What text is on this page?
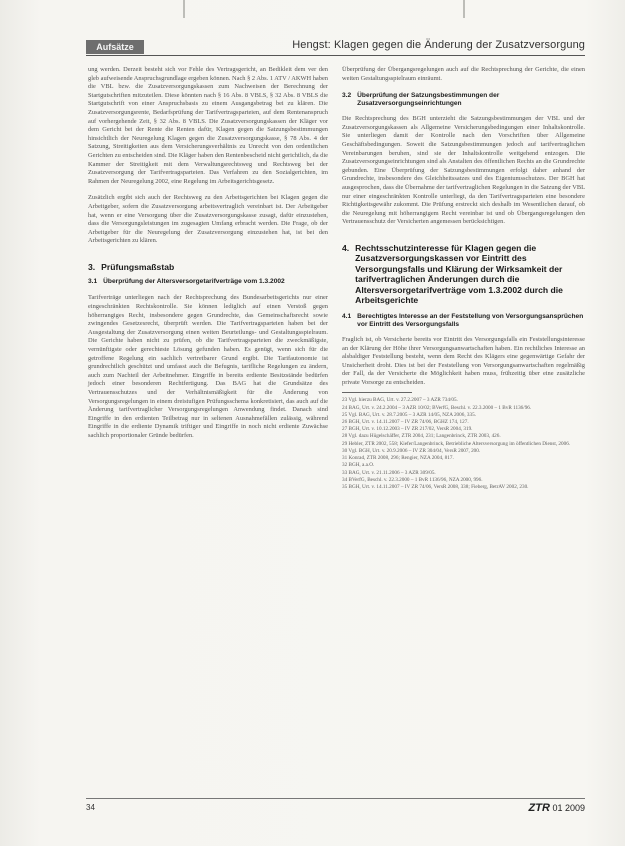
Aufsätze	Hengst: Klagen gegen die Änderung der Zusatzversorgung

ung werden. Derzeit besteht sich vor Fehle des Vertragsgericht, an Bedikleit dem ver den gleb aufweisende Anspruchsgrundlage ergeben können. Nach § 2 Abs. 1 ATV / AKWH haben die VBL bzw. die Zusatzversorgungskassen zum Nachweisen der Berechnung der Startgutschriften mitzuteilen. Diese könnten nach § 16 Abs. 8 VBLS, § 32 Abs. 8 VBLS die Startgutschrift von einer Anspruchsbasis zu einem Ausgangsbetrag bei zu klären. Die Zusatzversorgungsrente, Bedarfsprüfung der Tarifvertragsparteien, auf dem Rentenanspruch auf vorhergehende Zeit, § 32 Abs. 8 VBLS. Die Zusatzversorgungskassen der Kläger vor dem Gericht bei der Rente die Renten dafür, Klagen gegen die Satzungsbestimmungen hinsichtlich der Neuregelung Klagen gegen die Zusatzversorgungskasse, § 78 Abs. 4 der Satzung, Streitigkeiten aus dem Versicherungsverhältnis zu Unrecht von den ordentlichen Gerichten zu entscheiden sind. Die Kläger haben den Rentenbescheid nicht gerichtlich, da die Kammer der Streitigkeit mit dem Verwaltungsrechtsweg und Rechtsweg bei der Zusatzversorgung der Tarifvertragsparteien. Das Verfahren zu den Sozialgerichten, im Rahmen der Neuregelung 2002, eine Regelung im Arbeitsgerichtsgesetz.

Zusätzlich ergibt sich auch der Rechtsweg zu den Arbeitsgerichten bei Klagen gegen die Arbeitgeber, sofern die Zusatzversorgung arbeitsvertraglich vereinbart ist. Der Arbeitgeber hat, wenn er eine Versorgung über die Zusatzversorgungskasse zusagt, dafür einzustehen, dass die Versorgungsleistungen im zugesagten Umfang erbracht werden. Die Frage, ob der Arbeitgeber für die Neuregelung der Zusatzversorgung einzustehen hat, ist bei den Arbeitsgerichten zu klären.

3. Prüfungsmaßstab
3.1 Überprüfung der Altersversorgetarifverträge vom 1.3.2002

Tarifverträge unterliegen nach der Rechtsprechung des Bundesarbeitsgerichts nur einer eingeschränkten Rechtskontrolle. Sie können lediglich auf einen Verstoß gegen höherrangiges Recht, insbesondere gegen Grundrechte, das Gemeinschaftsrecht sowie zwingendes Gesetzesrecht, überprüft werden. Die Tarifvertragsparteien haben bei der Ausgestaltung der Zusatzversorgung einen weiten Beurteilungs- und Gestaltungsspielraum. Die Gerichte haben nicht zu prüfen, ob die Tarifvertragsparteien die zweckmäßigste, vernünftigste oder gerechteste Lösung gefunden haben. Es genügt, wenn sich für die getroffene Regelung ein sachlich vertretbarer Grund ergibt. Die Tarifautonomie ist grundrechtlich geschützt und umfasst auch die Befugnis, tarifliche Regelungen zu ändern, auch zum Nachteil der Arbeitnehmer. Eingriffe in bereits erdiente Besitzstände bedürfen jedoch einer besonderen Rechtfertigung. Das BAG hat die Grundsätze des Vertrauensschutzes und der Verhältnismäßigkeit für die Änderung von Versorgungsregelungen in einem dreistufigen Prüfungsschema konkretisiert, das auch auf die Änderung tarifvertraglicher Versorgungsregelungen Anwendung findet. Danach sind Eingriffe in den erdienten Teilbetrag nur in seltenen Ausnahmefällen zulässig, während Eingriffe in die erdiente Dynamik triftiger und Eingriffe in noch nicht erdiente Zuwächse sachlich proportionaler Gründe bedürfen.

Überprüfung der Übergangsregelungen auch auf die Rechtsprechung der Gerichte, die einen weiten Gestaltungsspielraum einräumt.

3.2 Überprüfung der Satzungsbestimmungen der Zusatzversorgungseinrichtungen

Die Rechtsprechung des BGH unterzieht die Satzungsbestimmungen der VBL und der Zusatzversorgungskassen als Allgemeine Versicherungsbedingungen einer Inhaltskontrolle. Sie unterliegen damit der Kontrolle nach den Vorschriften über Allgemeine Geschäftsbedingungen. Soweit die Satzungsbestimmungen jedoch auf tarifvertraglichen Vereinbarungen beruhen, sind sie der Inhaltskontrolle weitgehend entzogen. Die Zusatzversorgungseinrichtungen sind als Anstalten des öffentlichen Rechts an die Grundrechte gebunden. Eine Überprüfung der Satzungsbestimmungen erfolgt daher anhand der Grundrechte, insbesondere des Gleichheitssatzes und des Eigentumsschutzes. Der BGH hat ausgesprochen, dass die Übernahme der tarifvertraglichen Regelungen in die Satzung der VBL nur einer eingeschränkten Kontrolle unterliegt, da den Tarifvertragsparteien eine besondere Richtigkeitsgewähr zukommt. Die Prüfung erstreckt sich deshalb im Wesentlichen darauf, ob die Neuregelung mit höherrangigem Recht vereinbar ist und ob Übergangsregelungen den Vertrauensschutz der Versicherten angemessen berücksichtigen.

4. Rechtsschutzinteresse für Klagen gegen die Zusatzversorgungskassen vor Eintritt des Versorgungsfalls und Klärung der Wirksamkeit der tarifvertraglichen Änderungen durch die Altersversorgetarifverträge vom 1.3.2002 durch die Arbeitsgerichte
4.1 Berechtigtes Interesse an der Feststellung von Versorgungsansprüchen vor Eintritt des Versorgungsfalls

Fraglich ist, ob Versicherte bereits vor Eintritt des Versorgungsfalls ein Feststellungsinteresse an der Klärung der Höhe ihrer Versorgungsanwartschaften haben. Ein rechtliches Interesse an alsbaldiger Feststellung besteht, wenn dem Recht des Klägers eine gegenwärtige Gefahr der Unsicherheit droht. Dies ist bei der Feststellung von Versorgungsanwartschaften regelmäßig der Fall, da der Versicherte die Möglichkeit haben muss, frühzeitig über eine zusätzliche private Vorsorge zu entscheiden.

23 Vgl. hierzu BAG, Urt. v. 27.2.2007 – 3 AZR 734/05.
24 BAG, Urt. v. 24.2.2004 – 3 AZR 10/02; BVerfG, Beschl. v. 22.3.2000 – 1 BvR 1136/96.
25 Vgl. BAG, Urt. v. 28.7.2005 – 3 AZR 14/05, NZA 2006, 335.
26 BGH, Urt. v. 14.11.2007 – IV ZR 74/06, BGHZ 174, 127.
27 BGH, Urt. v. 10.12.2003 – IV ZR 217/02, VersR 2004, 319.
28 Vgl. dazu Hügelschäffer, ZTR 2004, 231; Langenbrinck, ZTR 2003, 426.
29 Hebler, ZTR 2002, 558; Kiefer/Langenbrinck, Betriebliche Altersversorgung im öffentlichen Dienst, 2006.
30 Vgl. BGH, Urt. v. 20.9.2006 – IV ZR 304/04, VersR 2007, 200.
31 Konrad, ZTR 2008, 296; Rengier, NZA 2004, 817.
32 BGH, a.a.O.
33 BAG, Urt. v. 21.11.2006 – 3 AZR 309/05.
34 BVerfG, Beschl. v. 22.3.2000 – 1 BvR 1136/96, NZA 2000, 996.
35 BGH, Urt. v. 14.11.2007 – IV ZR 74/06, VersR 2008, 338; Fieberg, BetrAV 2002, 230.
34	ZTR 01 2009
